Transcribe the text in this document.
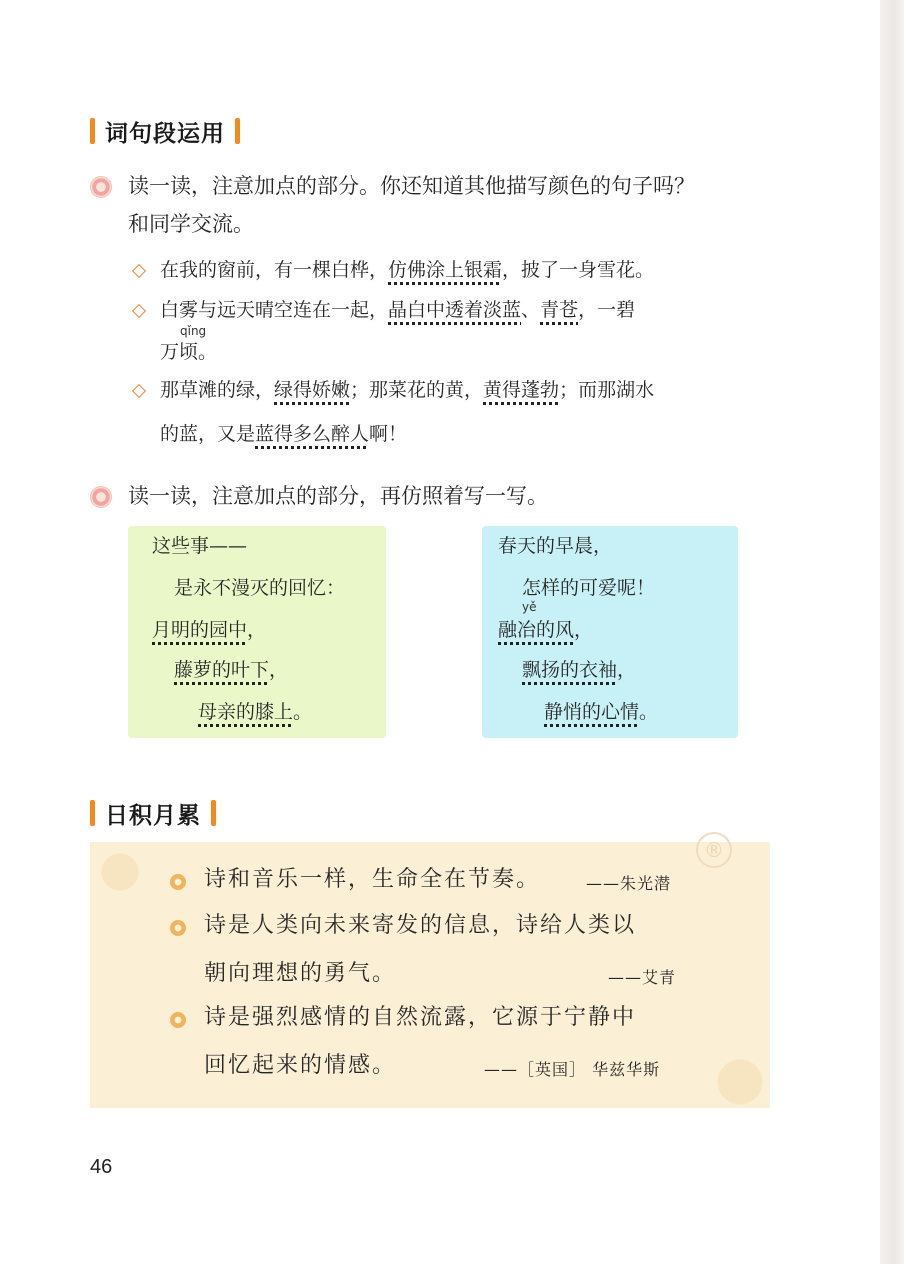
词句段运用
读一读，注意加点的部分。你还知道其他描写颜色的句子吗？
和同学交流。
在我的窗前，有一棵白桦，仿佛涂上银霜，披了一身雪花。
白雾与远天晴空连在一起，晶白中透着淡蓝、青苍，一碧
qǐng
万顷。
那草滩的绿，绿得娇嫩；那菜花的黄，黄得蓬勃；而那湖水
的蓝，又是蓝得多么醉人啊！
读一读，注意加点的部分，再仿照着写一写。
这些事——
是永不漫灭的回忆：
月明的园中，
藤萝的叶下，
母亲的膝上。
春天的早晨，
怎样的可爱呢！
yě
融冶的风，
飘扬的衣袖，
静悄的心情。
日积月累
®
诗和音乐一样，生命全在节奏。	——朱光潜
诗是人类向未来寄发的信息，诗给人类以
朝向理想的勇气。	——艾青
诗是强烈感情的自然流露，它源于宁静中
回忆起来的情感。	——［英国］ 华兹华斯
46
